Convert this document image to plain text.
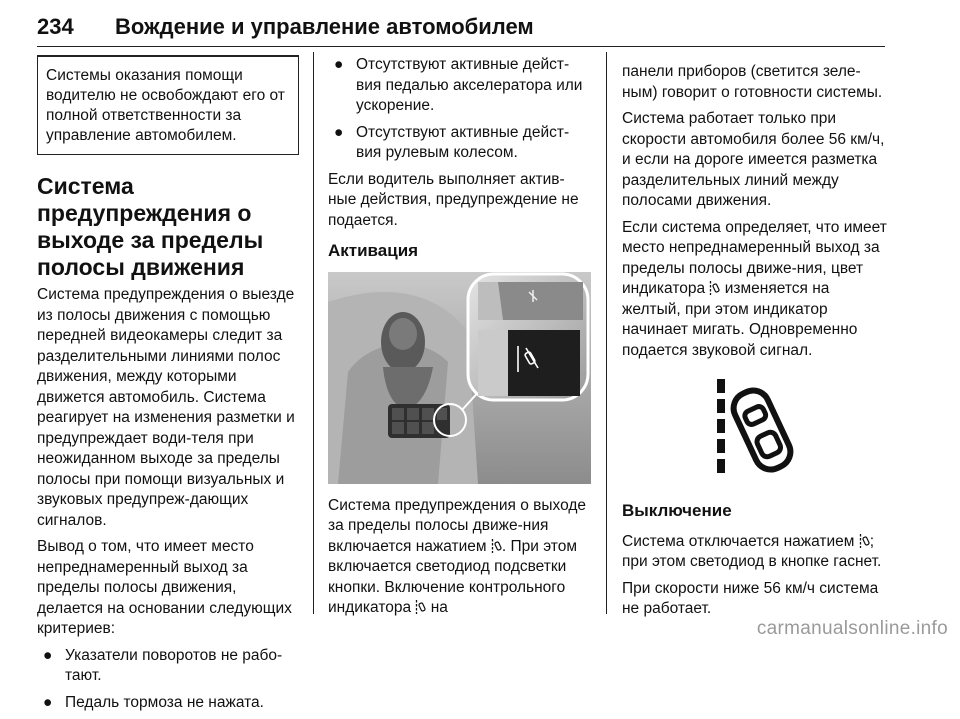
234 Вождение и управление автомобилем
Системы оказания помощи водителю не освобождают его от полной ответственности за управление автомобилем.
Система предупреждения о выходе за пределы полосы движения

Система предупреждения о выезде из полосы движения с помощью передней видеокамеры следит за разделительными линиями полос движения, между которыми движется автомобиль. Система реагирует на изменения разметки и предупреждает води-теля при неожиданном выходе за пределы полосы при помощи визуальных и звуковых предупреж-дающих сигналов.

Вывод о том, что имеет место непреднамеренный выход за пределы полосы движения, делается на основании следующих критериев:

● Указатели поворотов не рабо-тают.
● Педаль тормоза не нажата.
● Отсутствуют активные дейст-вия педалью акселератора или ускорение.
● Отсутствуют активные дейст-вия рулевым колесом.

Если водитель выполняет актив-ные действия, предупреждение не подается.

Активация

Система предупреждения о выходе за пределы полосы движе-ния включается нажатием . При этом включается светодиод подсветки кнопки. Включение контрольного индикатора на

панели приборов (светится зеле-ным) говорит о готовности системы.

Система работает только при скорости автомобиля более 56 км/ч, и если на дороге имеется разметка разделительных линий между полосами движения.

Если система определяет, что имеет место непреднамеренный выход за пределы полосы движе-ния, цвет индикатора изменяется на желтый, при этом индикатор начинает мигать. Одновременно подается звуковой сигнал.

Выключение

Система отключается нажатием ; при этом светодиод в кнопке гаснет.

При скорости ниже 56 км/ч система не работает.

carmanualsonline.info
